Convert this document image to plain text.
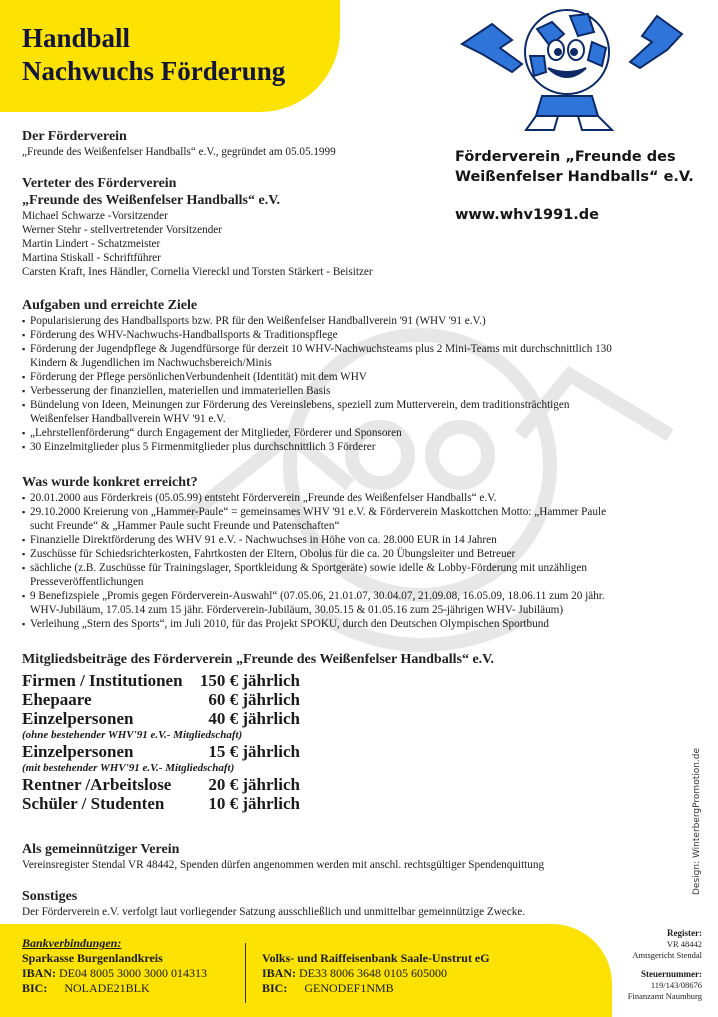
Handball
Nachwuchs Förderung
Förderverein „Freunde des
Weißenfelser Handballs“ e.V.
www.whv1991.de

Der Förderverein

„Freunde des Weißenfelser Handballs“ e.V., gegründet am 05.05.1999

Verteter des Förderverein

„Freunde des Weißenfelser Handballs“ e.V.

Michael Schwarze -Vorsitzender

Werner Stehr - stellvertretender Vorsitzender

Martin Lindert - Schatzmeister

Martina Stiskall - Schriftführer

Carsten Kraft, Ines Händler, Cornelia Viereckl und Torsten Stärkert - Beisitzer

Aufgaben und erreichte Ziele

▪ Popularisierung des Handballsports bzw. PR für den Weißenfelser Handballverein '91 (WHV '91 e.V.)
▪ Förderung des WHV-Nachwuchs-Handballsports & Traditionspflege
▪ Förderung der Jugendpflege & Jugendfürsorge für derzeit 10 WHV-Nachwuchsteams plus 2 Mini-Teams mit durchschnittlich 130
Kindern & Jugendlichen im Nachwuchsbereich/Minis
▪ Förderung der Pflege persönlichenVerbundenheit (Identität) mit dem WHV
▪ Verbesserung der finanziellen, materiellen und immateriellen Basis
▪ Bündelung von Ideen, Meinungen zur Förderung des Vereinslebens, speziell zum Mutterverein, dem traditionsträchtigen
Weißenfelser Handballverein WHV '91 e.V.
▪ „Lehrstellenförderung“ durch Engagement der Mitglieder, Förderer und Sponsoren
▪ 30 Einzelmitglieder plus 5 Firmenmitglieder plus durchschnittlich 3 Förderer

Was wurde konkret erreicht?

▪ 20.01.2000 aus Förderkreis (05.05.99) entsteht Förderverein „Freunde des Weißenfelser Handballs“ e.V.
▪ 29.10.2000 Kreierung von „Hammer-Paule“ = gemeinsames WHV '91 e.V. & Förderverein Maskottchen Motto: „Hammer Paule
sucht Freunde“ & „Hammer Paule sucht Freunde und Patenschaften“
▪ Finanzielle Direktförderung des WHV 91 e.V. - Nachwuchses in Höhe von ca. 28.000 EUR in 14 Jahren
▪ Zuschüsse für Schiedsrichterkosten, Fahrtkosten der Eltern, Obolus für die ca. 20 Übungsleiter und Betreuer
▪ sächliche (z.B. Zuschüsse für Trainingslager, Sportkleidung & Sportgeräte) sowie idelle & Lobby-Förderung mit unzähligen
Presseveröffentlichungen
▪ 9 Benefizspiele „Promis gegen Förderverein-Auswahl“ (07.05.06, 21.01.07, 30.04.07, 21.09.08, 16.05.09, 18.06.11 zum 20 jähr.
WHV-Jubiläum, 17.05.14 zum 15 jähr. Förderverein-Jubiläum, 30.05.15 & 01.05.16 zum 25-jährigen WHV- Jubiläum)
▪ Verleihung „Stern des Sports“, im Juli 2010, für das Projekt SPOKU, durch den Deutschen Olympischen Sportbund

Mitgliedsbeiträge des Förderverein „Freunde des Weißenfelser Handballs“ e.V.

Firmen / Institutionen 150 € jährlich
Ehepaare	60 € jährlich
Einzelpersonen	40 € jährlich
(ohne bestehender WHV'91 e.V.- Mitgliedschaft)
Einzelpersonen	15 € jährlich
(mit bestehender WHV'91 e.V.- Mitgliedschaft)
Rentner /Arbeitslose 20 € jährlich
Schüler / Studenten	10 € jährlich

Als gemeinnütziger Verein

Vereinsregister Stendal VR 48442, Spenden dürfen angenommen werden mit anschl. rechtsgültiger Spendenquittung

Sonstiges

Der Förderverein e.V. verfolgt laut vorliegender Satzung ausschließlich und unmittelbar gemeinnützige Zwecke.

Design: WinterbergPromotion.de
Bankverbindungen:
Sparkasse Burgenlandkreis
IBAN: DE04 8005 3000 3000 014313
BIC: NOLADE21BLK
Volks- und Raiffeisenbank Saale-Unstrut eG
IBAN: DE33 8006 3648 0105 605000
BIC: GENODEF1NMB
Register:
VR 48442
Amtsgericht Stendal

Steuernummer:
119/143/08676
Finanzamt Naumburg
